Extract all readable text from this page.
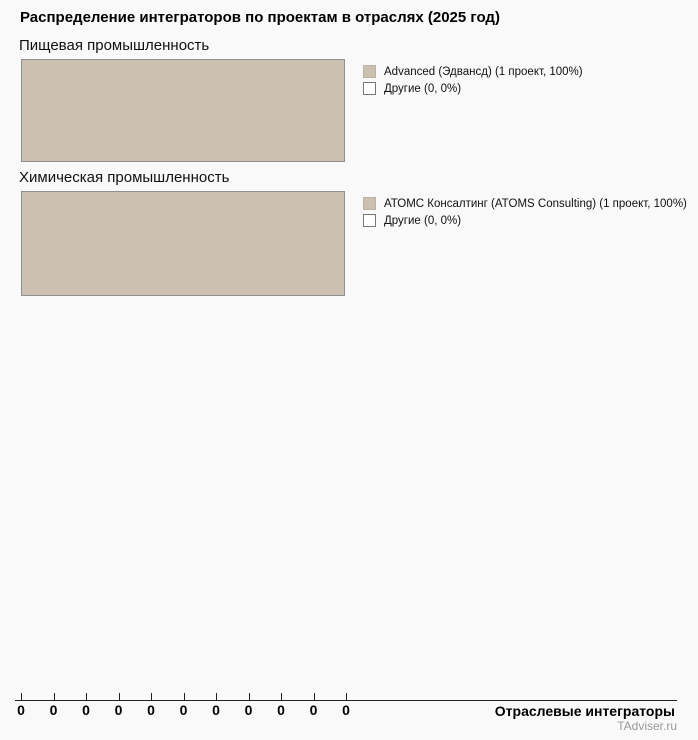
Распределение интеграторов по проектам в отраслях (2025 год)
Пищевая промышленность
Advanced (Эдвансд) (1 проект, 100%)
Другие (0, 0%)
Химическая промышленность
АТОМС Консалтинг (ATOMS Consulting) (1 проект, 100%)
Другие (0, 0%)
0 0 0 0 0 0 0 0 0 0 0	Отраслевые интеграторы
TAdviser.ru
